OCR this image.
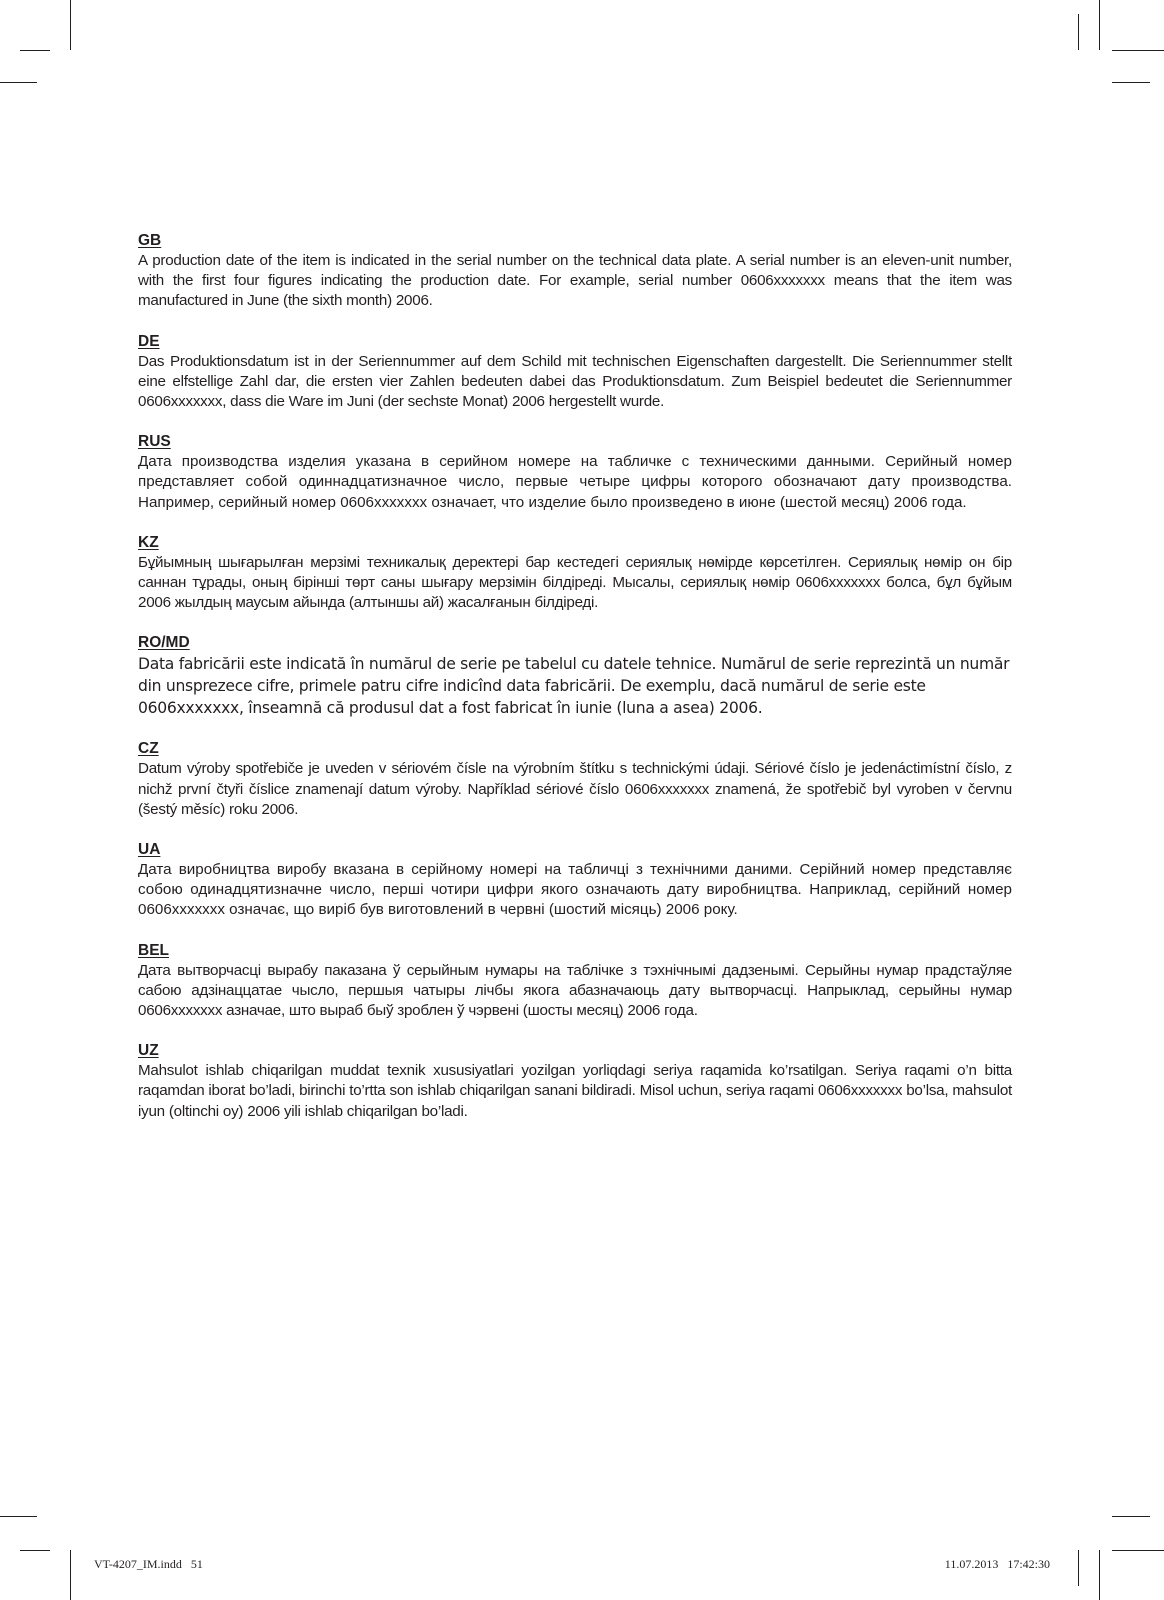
GB

A production date of the item is indicated in the serial number on the technical data plate. A serial number is an eleven-unit number, with the first four figures indicating the production date. For example, serial number 0606xxxxxxx means that the item was manufactured in June (the sixth month) 2006.

DE

Das Produktionsdatum ist in der Seriennummer auf dem Schild mit technischen Eigenschaften dargestellt. Die Seriennummer stellt eine elfstellige Zahl dar, die ersten vier Zahlen bedeuten dabei das Produktionsdatum. Zum Beispiel bedeutet die Seriennummer 0606xxxxxxx, dass die Ware im Juni (der sechste Monat) 2006 hergestellt wurde.

RUS

Дата производства изделия указана в серийном номере на табличке с техническими данными. Серийный номер представляет собой одиннадцатизначное число, первые четыре цифры которого обозначают дату производства. Например, серийный номер 0606xxxxxxx означает, что изделие было произведено в июне (шестой месяц) 2006 года.

KZ

Бұйымның шығарылған мерзімі техникалық деректері бар кестедегі сериялық нөмірде көрсетілген. Сериялық нөмір он бір саннан тұрады, оның бірінші төрт саны шығару мерзімін білдіреді. Мысалы, сериялық нөмір 0606xxxxxxx болса, бұл бұйым 2006 жылдың маусым айында (алтыншы ай) жасалғанын білдіреді.

RO/MD

Data fabricării este indicată în numărul de serie pe tabelul cu datele tehnice. Numărul de serie reprezintă un număr din unsprezece cifre, primele patru cifre indicînd data fabricării. De exemplu, dacă numărul de serie este 0606xxxxxxx, înseamnă că produsul dat a fost fabricat în iunie (luna a asea) 2006.

CZ

Datum výroby spotřebiče je uveden v sériovém čísle na výrobním štítku s technickými údaji. Sériové číslo je jedenáctimístní číslo, z nichž první čtyři číslice znamenají datum výroby. Například sériové číslo 0606xxxxxxx znamená, že spotřebič byl vyroben v červnu (šestý měsíc) roku 2006.

UA

Дата виробництва виробу вказана в серійному номері на табличці з технічними даними. Серійний номер представляє собою одинадцятизначне число, перші чотири цифри якого означають дату виробництва. Наприклад, серійний номер 0606xxxxxxx означає, що виріб був виготовлений в червні (шостий місяць) 2006 року.

BEL

Дата вытворчасці вырабу паказана ў серыйным нумары на таблічке з тэхнічнымі дадзенымі. Серыйны нумар прадстаўляе сабою адзінаццатае чысло, першыя чатыры лічбы якога абазначаюць дату вытворчасці. Напрыклад, серыйны нумар 0606xxxxxxx азначае, што выраб быў зроблен ў чэрвені (шосты месяц) 2006 года.

UZ

Mahsulot ishlab chiqarilgan muddat texnik xususiyatlari yozilgan yorliqdagi seriya raqamida ko’rsatilgan. Seriya raqami o’n bitta raqamdan iborat bo’ladi, birinchi to’rtta son ishlab chiqarilgan sanani bildiradi. Misol uchun, seriya raqami 0606xxxxxxx bo’lsa, mahsulot iyun (oltinchi oy) 2006 yili ishlab chiqarilgan bo’ladi.

VT-4207_IM.indd   51	11.07.2013   17:42:30
